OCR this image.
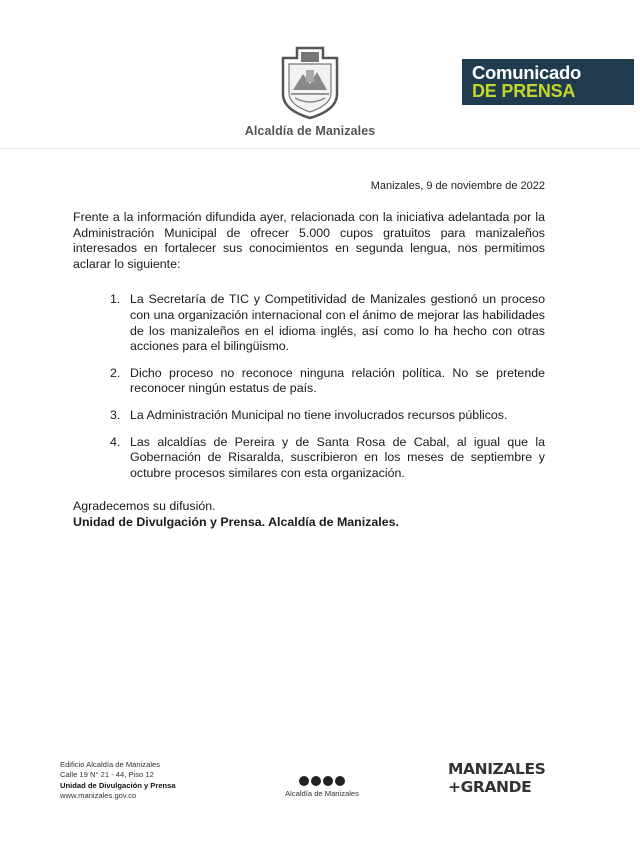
Alcaldía de Manizales
Comunicado
DE PRENSA
Manizales, 9 de noviembre de 2022

Frente a la información difundida ayer, relacionada con la iniciativa adelantada por la Administración Municipal de ofrecer 5.000 cupos gratuitos para manizaleños interesados en fortalecer sus conocimientos en segunda lengua, nos permitimos aclarar lo siguiente:

1. La Secretaría de TIC y Competitividad de Manizales gestionó un proceso con una organización internacional con el ánimo de mejorar las habilidades de los manizaleños en el idioma inglés, así como lo ha hecho con otras acciones para el bilingüismo.
2. Dicho proceso no reconoce ninguna relación política. No se pretende reconocer ningún estatus de país.
3. La Administración Municipal no tiene involucrados recursos públicos.
4. Las alcaldías de Pereira y de Santa Rosa de Cabal, al igual que la Gobernación de Risaralda, suscribieron en los meses de septiembre y octubre procesos similares con esta organización.

Agradecemos su difusión.

Unidad de Divulgación y Prensa. Alcaldía de Manizales.

Edificio Alcaldía de Manizales
Calle 19 N° 21 - 44, Piso 12
Unidad de Divulgación y Prensa
www.manizales.gov.co	Alcaldía de Manizales
MANIZALES
+GRANDE
